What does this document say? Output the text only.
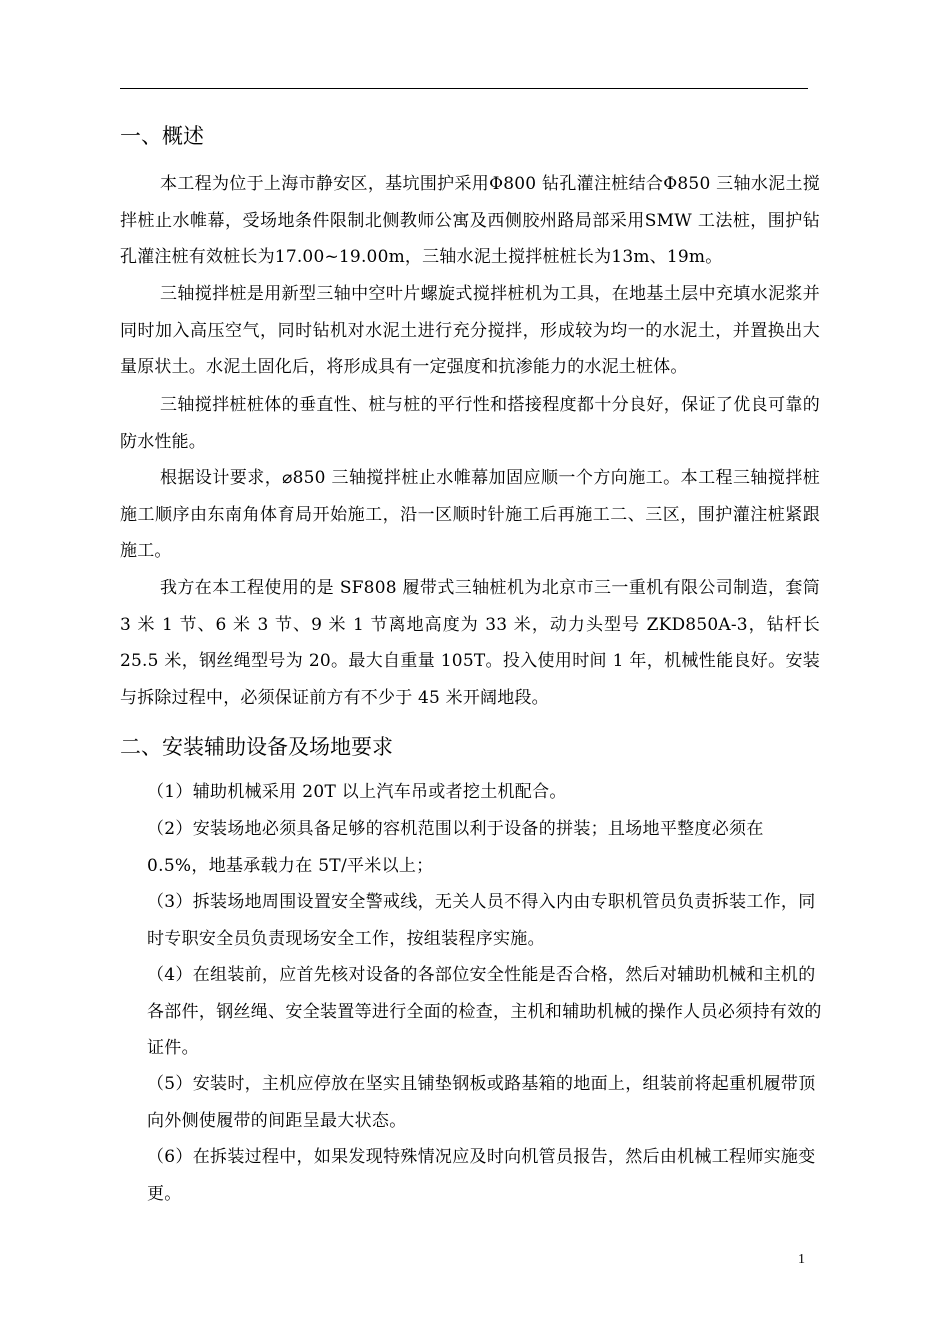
一、概述
本工程为位于上海市静安区，基坑围护采用Φ800 钻孔灌注桩结合Φ850 三轴水泥土搅拌桩止水帷幕，受场地条件限制北侧教师公寓及西侧胶州路局部采用SMW 工法桩，围护钻孔灌注桩有效桩长为17.00~19.00m，三轴水泥土搅拌桩桩长为13m、19m。
三轴搅拌桩是用新型三轴中空叶片螺旋式搅拌桩机为工具，在地基土层中充填水泥浆并同时加入高压空气，同时钻机对水泥土进行充分搅拌，形成较为均一的水泥土，并置换出大量原状土。水泥土固化后，将形成具有一定强度和抗渗能力的水泥土桩体。
三轴搅拌桩桩体的垂直性、桩与桩的平行性和搭接程度都十分良好，保证了优良可靠的防水性能。
根据设计要求，⌀850 三轴搅拌桩止水帷幕加固应顺一个方向施工。本工程三轴搅拌桩施工顺序由东南角体育局开始施工，沿一区顺时针施工后再施工二、三区，围护灌注桩紧跟施工。
我方在本工程使用的是 SF808 履带式三轴桩机为北京市三一重机有限公司制造，套筒 3 米 1 节、6 米 3 节、9 米 1 节离地高度为 33 米，动力头型号 ZKD850A-3，钻杆长 25.5 米，钢丝绳型号为 20。最大自重量 105T。投入使用时间 1 年，机械性能良好。安装与拆除过程中，必须保证前方有不少于 45 米开阔地段。
二、安装辅助设备及场地要求
（1）辅助机械采用 20T 以上汽车吊或者挖土机配合。
（2）安装场地必须具备足够的容机范围以利于设备的拼装；且场地平整度必须在 0.5%，地基承载力在 5T/平米以上；
（3）拆装场地周围设置安全警戒线，无关人员不得入内由专职机管员负责拆装工作，同时专职安全员负责现场安全工作，按组装程序实施。
（4）在组装前，应首先核对设备的各部位安全性能是否合格，然后对辅助机械和主机的各部件，钢丝绳、安全装置等进行全面的检查，主机和辅助机械的操作人员必须持有效的证件。
（5）安装时，主机应停放在坚实且铺垫钢板或路基箱的地面上，组装前将起重机履带顶向外侧使履带的间距呈最大状态。
（6）在拆装过程中，如果发现特殊情况应及时向机管员报告，然后由机械工程师实施变更。
1
